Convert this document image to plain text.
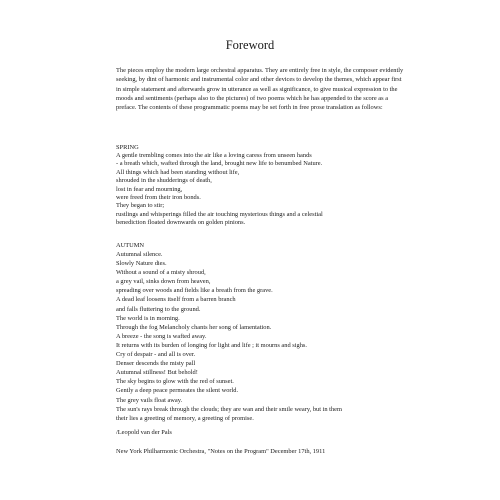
Foreword

The pieces employ the modern large orchestral apparatus. They are entirely free in style, the composer evidently seeking, by dint of harmonic and instrumental color and other devices to develop the themes, which appear first in simple statement and afterwards grow in utterance as well as significance, to give musical expression to the moods and sentiments (perhaps also to the pictures) of two poems which he has appended to the score as a preface. The contents of these programmatic poems may be set forth in free prose translation as follows:

SPRING
A gentle trembling comes into the air like a loving caress from unseen hands
- a breath which, wafted through the land, brought new life to benumbed Nature.
All things which had been standing without life,
shrouded in the shudderings of death,
lost in fear and mourning,
were freed from their iron bonds.
They began to stir;
rustlings and whisperings filled the air touching mysterious things and a celestial
benediction floated downwards on golden pinions.
AUTUMN
Autumnal silence.
Slowly Nature dies.
Without a sound of a misty shroud,
a grey vail, sinks down from heaven,
spreading over woods and fields like a breath from the grave.
A dead leaf loosens itself from a barren branch
and falls fluttering to the ground.
The world is in morning.
Through the fog Melancholy chants her song of lamentation.
A breeze - the song is wafted away.
It returns with its burden of longing for light and life ; it mourns and sighs.
Cry of despair - and all is over.
Denser descends the misty pall
Autumnal stillness! But behold!
The sky begins to glow with the red of sunset.
Gently a deep peace permeates the silent world.
The grey vails float away.
The sun's rays break through the clouds; they are wan and their smile weary, but in them
their lies a greeting of memory, a greeting of promise.
/Leopold van der Pals
New York Philharmonic Orchestra, "Notes on the Program" December 17th, 1911
